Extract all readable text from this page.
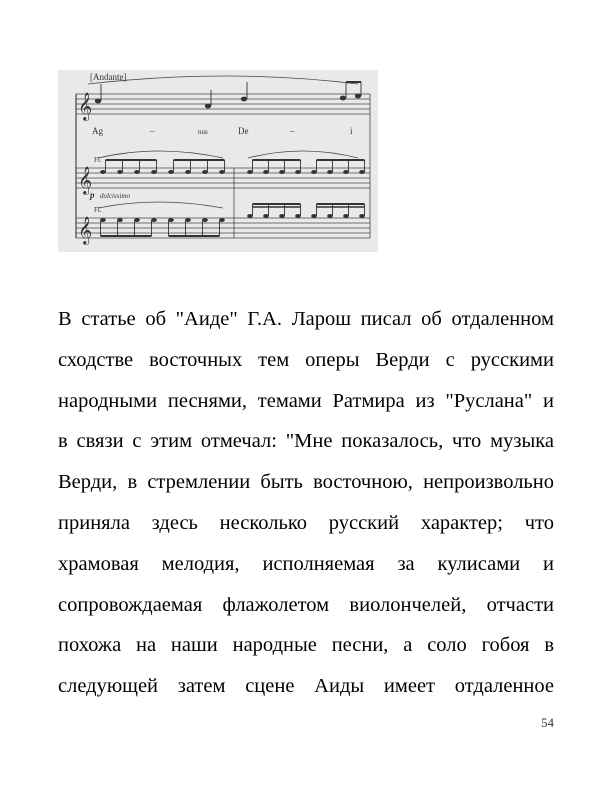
𝄞
𝄞
𝄞
[Andante]
Fl.
Fl.
p dolcissimo
Ag	–	nus	De	–	i
В статье об "Аиде" Г.А. Ларош писал об отдаленном
сходстве восточных тем оперы Верди с русскими
народными песнями, темами Ратмира из "Руслана" и
в связи с этим отмечал: "Мне показалось, что музыка
Верди, в стремлении быть восточною, непроизвольно
приняла здесь несколько русский характер; что
храмовая мелодия, исполняемая за кулисами и
сопровождаемая флажолетом виолончелей, отчасти
похожа на наши народные песни, а соло гобоя в
следующей затем сцене Аиды имеет отдаленное
54
